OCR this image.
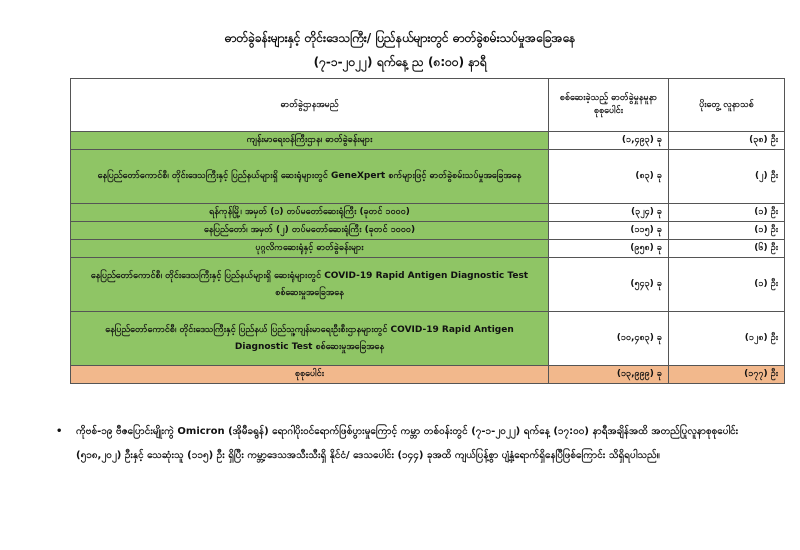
ဓာတ်ခွဲခန်းများနှင့် တိုင်းဒေသကြီး/ ပြည်နယ်များတွင် ဓာတ်ခွဲစမ်းသပ်မှုအခြေအနေ
(၇-၁-၂၀၂၂) ရက်နေ့ ည (၈:၀၀) နာရီ
ဓာတ်ခွဲဌာနအမည်	စစ်ဆေးခဲ့သည့် ဓာတ်ခွဲမှုနမူနာ စုစုပေါင်း	ပိုးတွေ့ လူနာသစ်
ကျန်းမာရေးဝန်ကြီးဌာန၊ ဓာတ်ခွဲခန်းများ	(၁,၄၉၃) ခု	(၃၈) ဦး
နေပြည်တော်ကောင်စီ၊ တိုင်းဒေသကြီးနှင့် ပြည်နယ်များရှိ ဆေးရုံများတွင် GeneXpert စက်များဖြင့် ဓာတ်ခွဲစမ်းသပ်မှုအခြေအနေ	(၈၃) ခု	(၂) ဦး
ရန်ကုန်မြို့၊ အမှတ် (၁) တပ်မတော်ဆေးရုံကြီး (ခုတင် ၁၀၀၀)	(၃၂၄) ခု	(၁) ဦး
နေပြည်တော်၊ အမှတ် (၂) တပ်မတော်ဆေးရုံကြီး (ခုတင် ၁၀၀၀)	(၁၁၅) ခု	(၁) ဦး
ပုဂ္ဂလိကဆေးရုံနှင့် ဓာတ်ခွဲခန်းများ	(၉၅၈) ခု	(၆) ဦး
နေပြည်တော်ကောင်စီ၊ တိုင်းဒေသကြီးနှင့် ပြည်နယ်များရှိ ဆေးရုံများတွင် COVID-19 Rapid Antigen Diagnostic Test စစ်ဆေးမှုအခြေအနေ	(၅၄၃) ခု	(၁) ဦး
နေပြည်တော်ကောင်စီ၊ တိုင်းဒေသကြီးနှင့် ပြည်နယ် ပြည်သူ့ကျန်းမာရေးဦးစီးဌာနများတွင် COVID-19 Rapid Antigen Diagnostic Test စစ်ဆေးမှုအခြေအနေ	(၁၀,၄၈၃) ခု	(၁၂၈) ဦး
စုစုပေါင်း	(၁၃,၉၉၉) ခု	(၁၇၇) ဦး
• ကိုဗစ်-၁၉ ဗီဇပြောင်းမျိုးကွဲ Omicron (အိုမီခရွန်) ရောဂါပိုးဝင်ရောက်ဖြစ်ပွားမှုကြောင့် ကမ္ဘာ တစ်ဝန်းတွင် (၇-၁-၂၀၂၂) ရက်နေ့ (၁၇:၀၀) နာရီအချိန်အထိ အတည်ပြုလူနာစုစုပေါင်း (၅၁၈,၂၀၂) ဦးနှင့် သေဆုံးသူ (၁၁၅) ဦး ရှိပြီး ကမ္ဘာ့ဒေသအသီးသီးရှိ နိုင်ငံ/ ဒေသပေါင်း (၁၄၄) ခုအထိ ကျယ်ပြန့်စွာ ပျံ့နှံ့ရောက်ရှိနေပြီဖြစ်ကြောင်း သိရှိရပါသည်။
